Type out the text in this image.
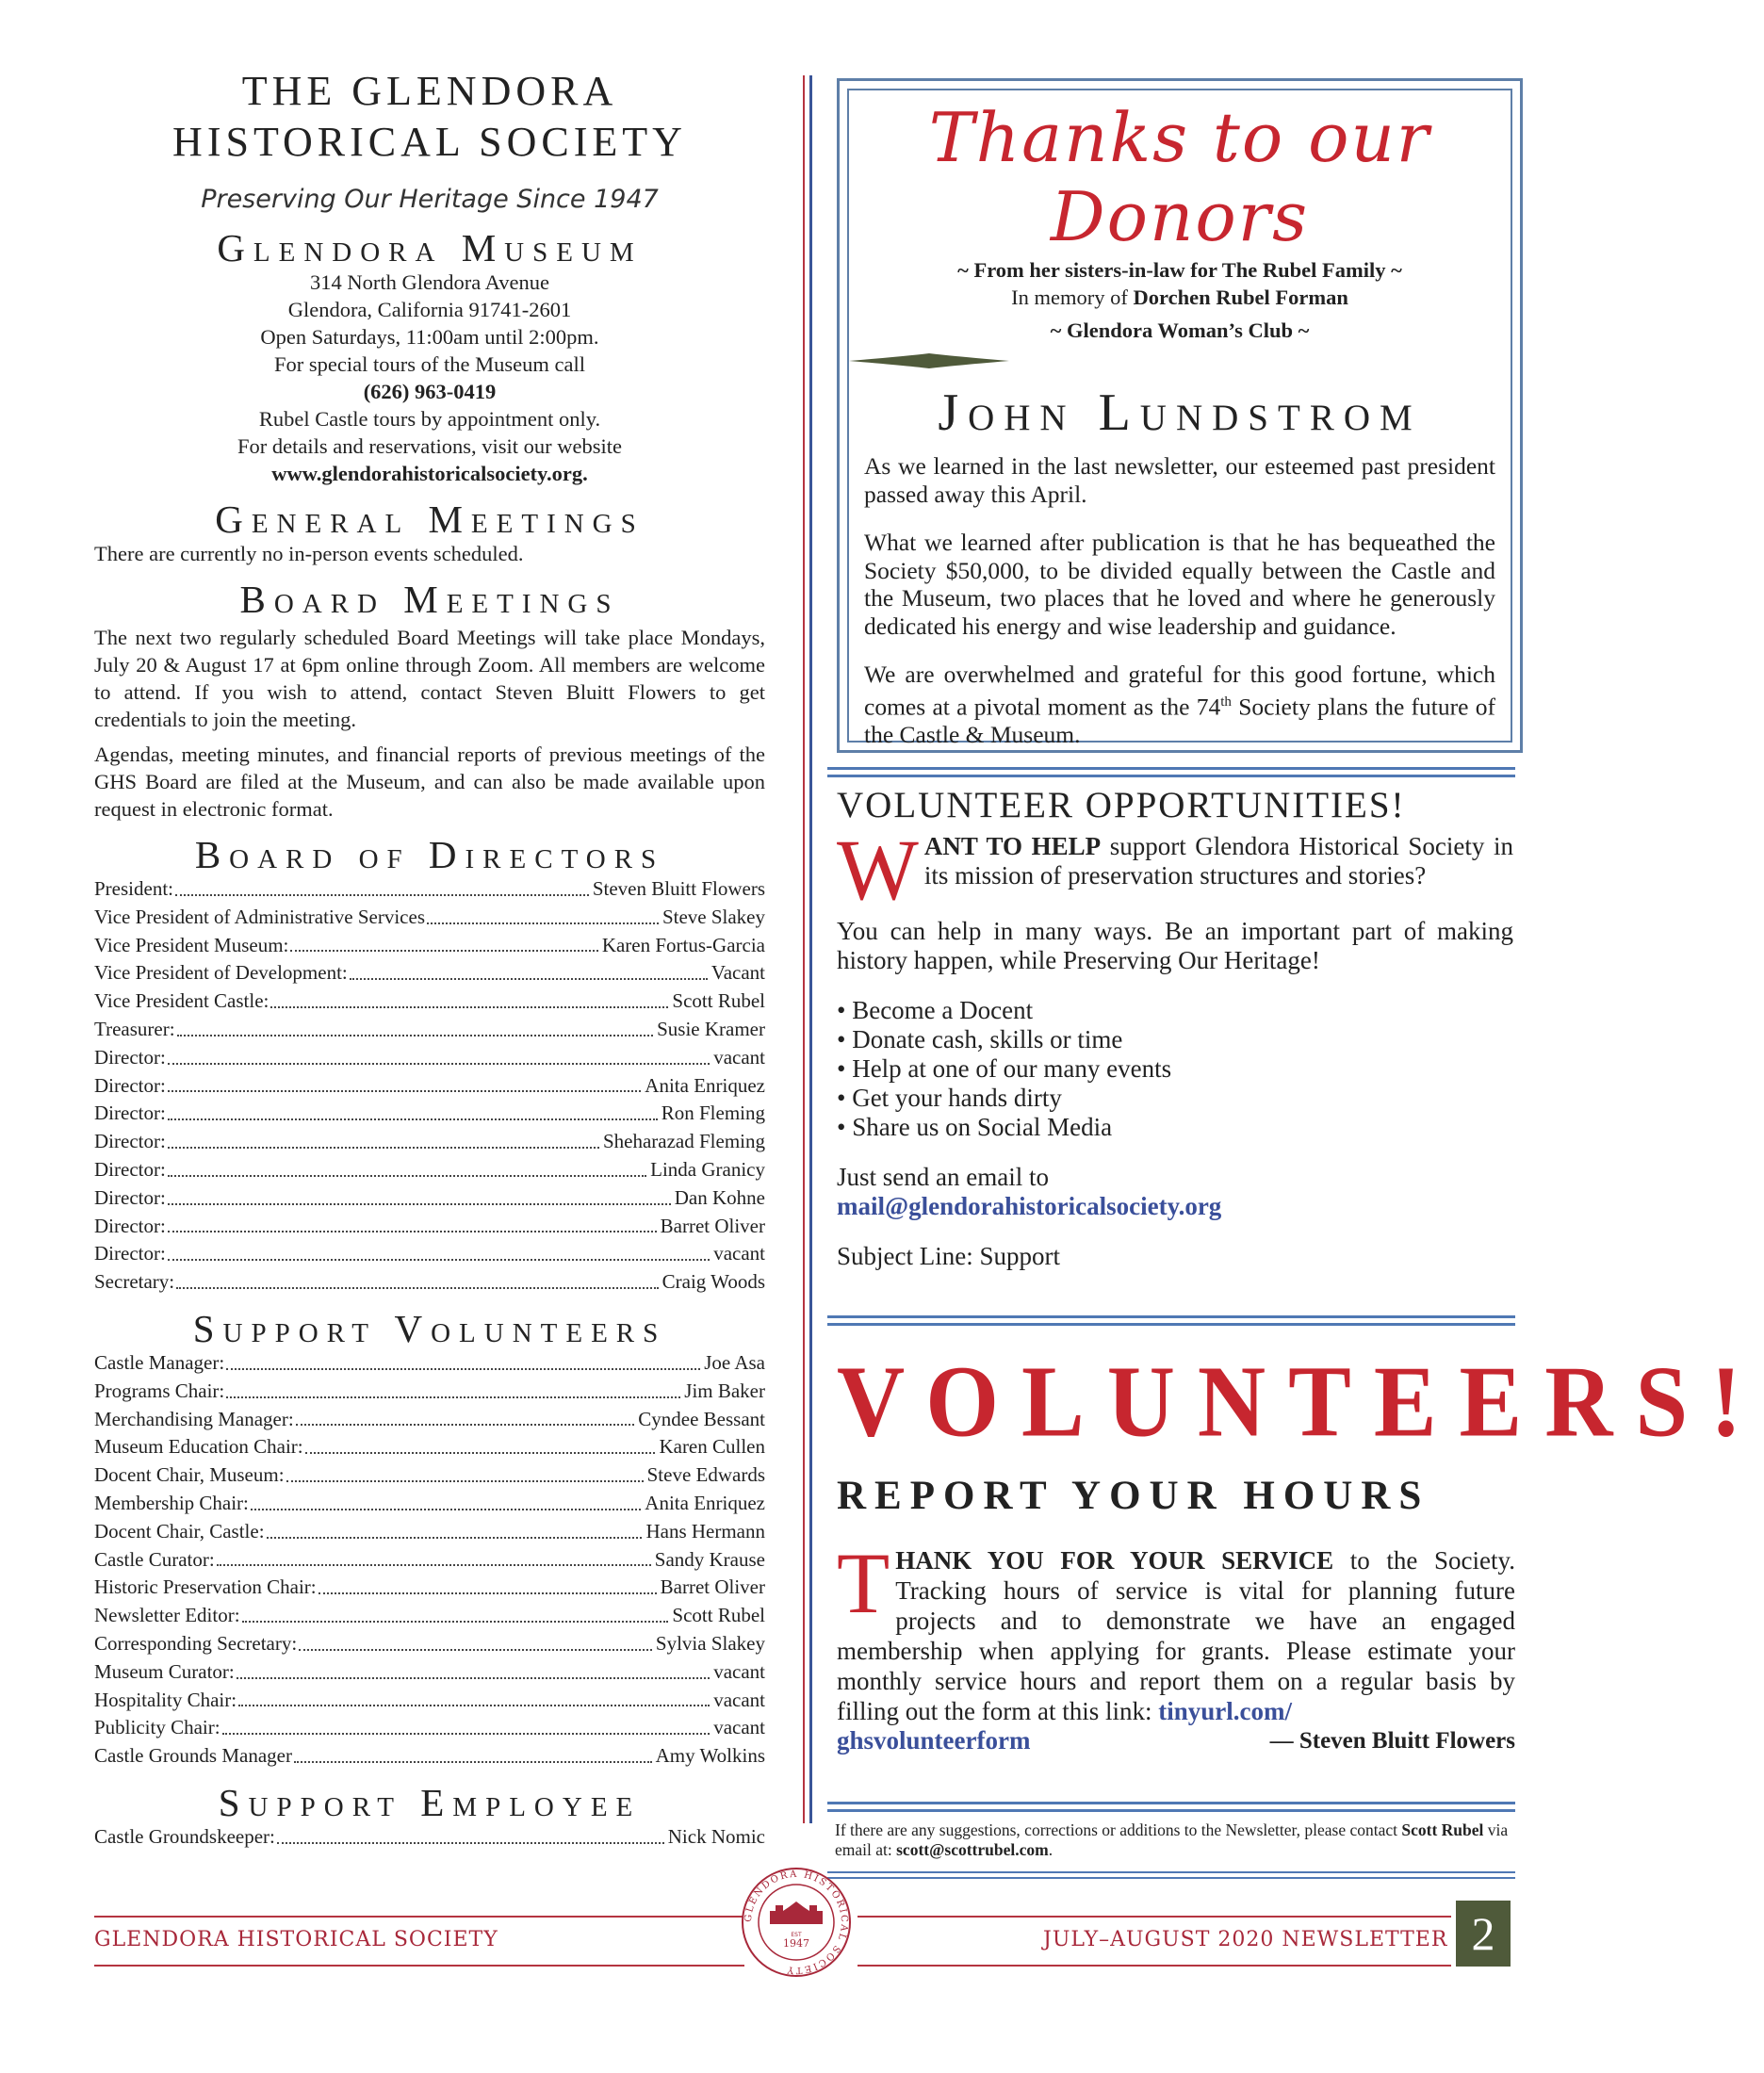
THE GLENDORA
HISTORICAL SOCIETY
Preserving Our Heritage Since 1947
Glendora Museum
314 North Glendora Avenue
Glendora, California 91741-2601
Open Saturdays, 11:00am until 2:00pm.
For special tours of the Museum call
(626) 963-0419
Rubel Castle tours by appointment only.
For details and reservations, visit our website
www.glendorahistoricalsociety.org.
General Meetings

There are currently no in-person events scheduled.

Board Meetings

The next two regularly scheduled Board Meetings will take place Mondays, July 20 & August 17 at 6pm online through Zoom. All members are welcome to attend. If you wish to attend, contact Steven Bluitt Flowers to get credentials to join the meeting.

Agendas, meeting minutes, and financial reports of previous meetings of the GHS Board are filed at the Museum, and can also be made available upon request in electronic format.

Board of Directors
President:	Steven Bluitt Flowers
Vice President of Administrative Services	Steve Slakey
Vice President Museum:	Karen Fortus-Garcia
Vice President of Development:	Vacant
Vice President Castle:	Scott Rubel
Treasurer:	Susie Kramer
Director:	vacant
Director:	Anita Enriquez
Director:	Ron Fleming
Director:	Sheharazad Fleming
Director:	Linda Granicy
Director:	Dan Kohne
Director:	Barret Oliver
Director:	vacant
Secretary:	Craig Woods
Support Volunteers
Castle Manager:	Joe Asa
Programs Chair:	Jim Baker
Merchandising Manager:	Cyndee Bessant
Museum Education Chair:	Karen Cullen
Docent Chair, Museum:	Steve Edwards
Membership Chair:	Anita Enriquez
Docent Chair, Castle:	Hans Hermann
Castle Curator:	Sandy Krause
Historic Preservation Chair:	Barret Oliver
Newsletter Editor:	Scott Rubel
Corresponding Secretary:	Sylvia Slakey
Museum Curator:	vacant
Hospitality Chair:	vacant
Publicity Chair:	vacant
Castle Grounds Manager	Amy Wolkins
Support Employee
Castle Groundskeeper:	Nick Nomic
Thanks to our Donors
~ From her sisters-in-law for The Rubel Family ~
In memory of Dorchen Rubel Forman
~ Glendora Woman’s Club ~
John Lundstrom

As we learned in the last newsletter, our esteemed past president passed away this April.

What we learned after publication is that he has bequeathed the Society $50,000, to be divided equally between the Castle and the Museum, two places that he loved and where he generously dedicated his energy and wise leadership and guidance.

We are overwhelmed and grateful for this good fortune, which comes at a pivotal moment as the 74th Society plans the future of the Castle & Museum.

VOLUNTEER OPPORTUNITIES!
WANT TO HELP support Glendora Historical Society in its mission of preservation structures and stories?

You can help in many ways. Be an important part of making history happen, while Preserving Our Heritage!

• Become a Docent
• Donate cash, skills or time
• Help at one of our many events
• Get your hands dirty
• Share us on Social Media
Just send an email to
mail@glendorahistoricalsociety.org
Subject Line: Support
VOLUNTEERS!
REPORT YOUR HOURS
THANK YOU FOR YOUR SERVICE to the Society. Tracking hours of service is vital for planning future projects and to demonstrate we have an engaged membership when applying for grants. Please estimate your monthly service hours and report them on a regular basis by filling out the form at this link: tinyurl.com/
ghsvolunteerform	— Steven Bluitt Flowers
If there are any suggestions, corrections or additions to the Newsletter, please contact Scott Rubel via email at: scott@scottrubel.com.
GLENDORA HISTORICAL SOCIETY	JULY–AUGUST 2020 NEWSLETTER 2
GLENDORA HISTORICAL SOCIETY
EST
1947
